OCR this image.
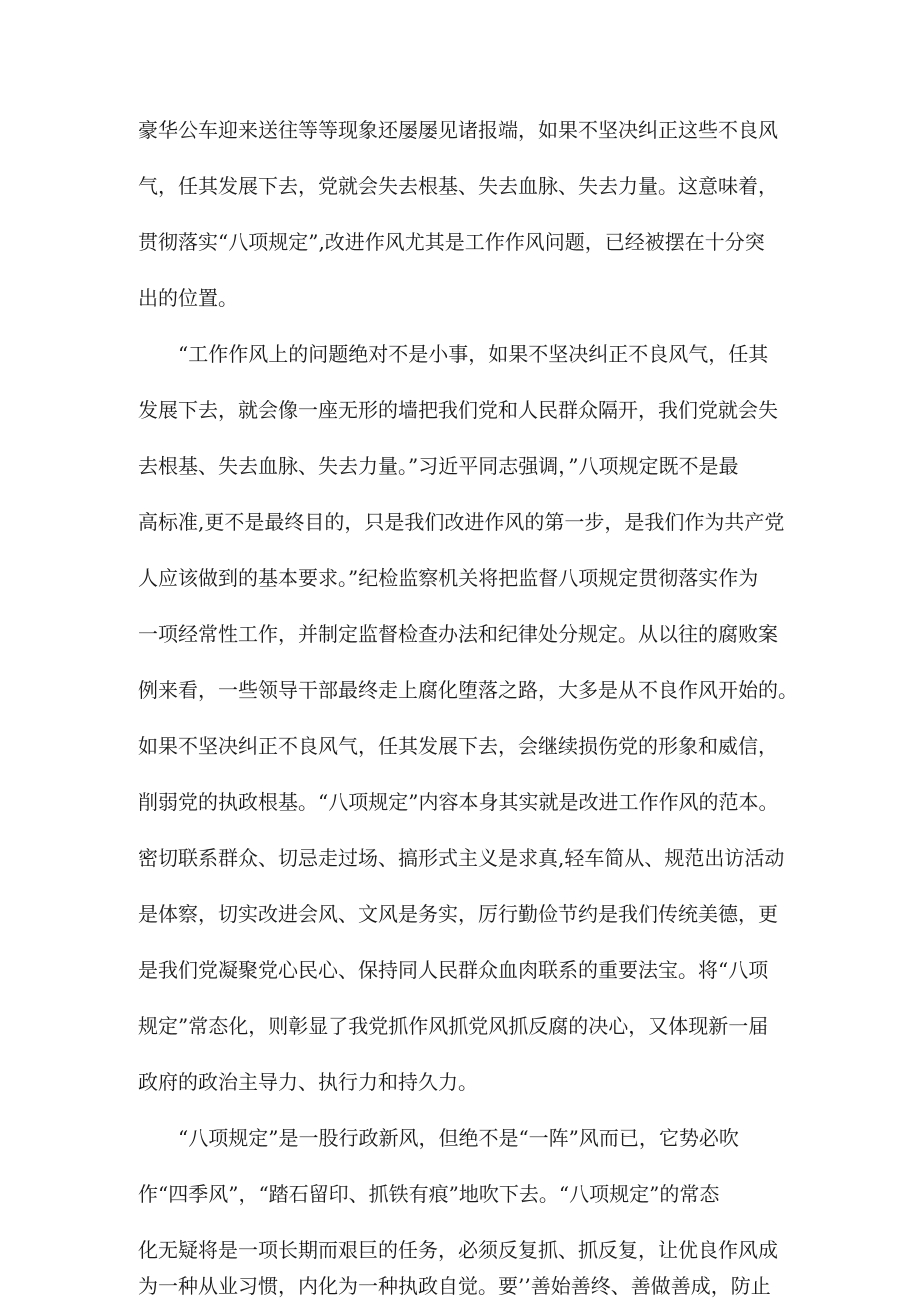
豪华公车迎来送往等等现象还屡屡见诸报端，如果不坚决纠正这些不良风

气，任其发展下去，党就会失去根基、失去血脉、失去力量。这意味着，

贯彻落实“八项规定”,改进作风尤其是工作作风问题，已经被摆在十分突

出的位置。

“工作作风上的问题绝对不是小事，如果不坚决纠正不良风气，任其

发展下去，就会像一座无形的墙把我们党和人民群众隔开，我们党就会失

去根基、失去血脉、失去力量。”习近平同志强调，”八项规定既不是最

高标准,更不是最终目的，只是我们改进作风的第一步，是我们作为共产党

人应该做到的基本要求。”纪检监察机关将把监督八项规定贯彻落实作为

一项经常性工作，并制定监督检查办法和纪律处分规定。从以往的腐败案

例来看，一些领导干部最终走上腐化堕落之路，大多是从不良作风开始的。

如果不坚决纠正不良风气，任其发展下去，会继续损伤党的形象和威信，

削弱党的执政根基。“八项规定”内容本身其实就是改进工作作风的范本。

密切联系群众、切忌走过场、搞形式主义是求真,轻车简从、规范出访活动

是体察，切实改进会风、文风是务实，厉行勤俭节约是我们传统美德，更

是我们党凝聚党心民心、保持同人民群众血肉联系的重要法宝。将“八项

规定”常态化，则彰显了我党抓作风抓党风抓反腐的决心，又体现新一届

政府的政治主导力、执行力和持久力。

“八项规定”是一股行政新风，但绝不是“一阵”风而已，它势必吹

作“四季风”，“踏石留印、抓铁有痕”地吹下去。“八项规定”的常态

化无疑将是一项长期而艰巨的任务，必须反复抓、抓反复，让优良作风成

为一种从业习惯，内化为一种执政自觉。要’’善始善终、善做善成，防止
